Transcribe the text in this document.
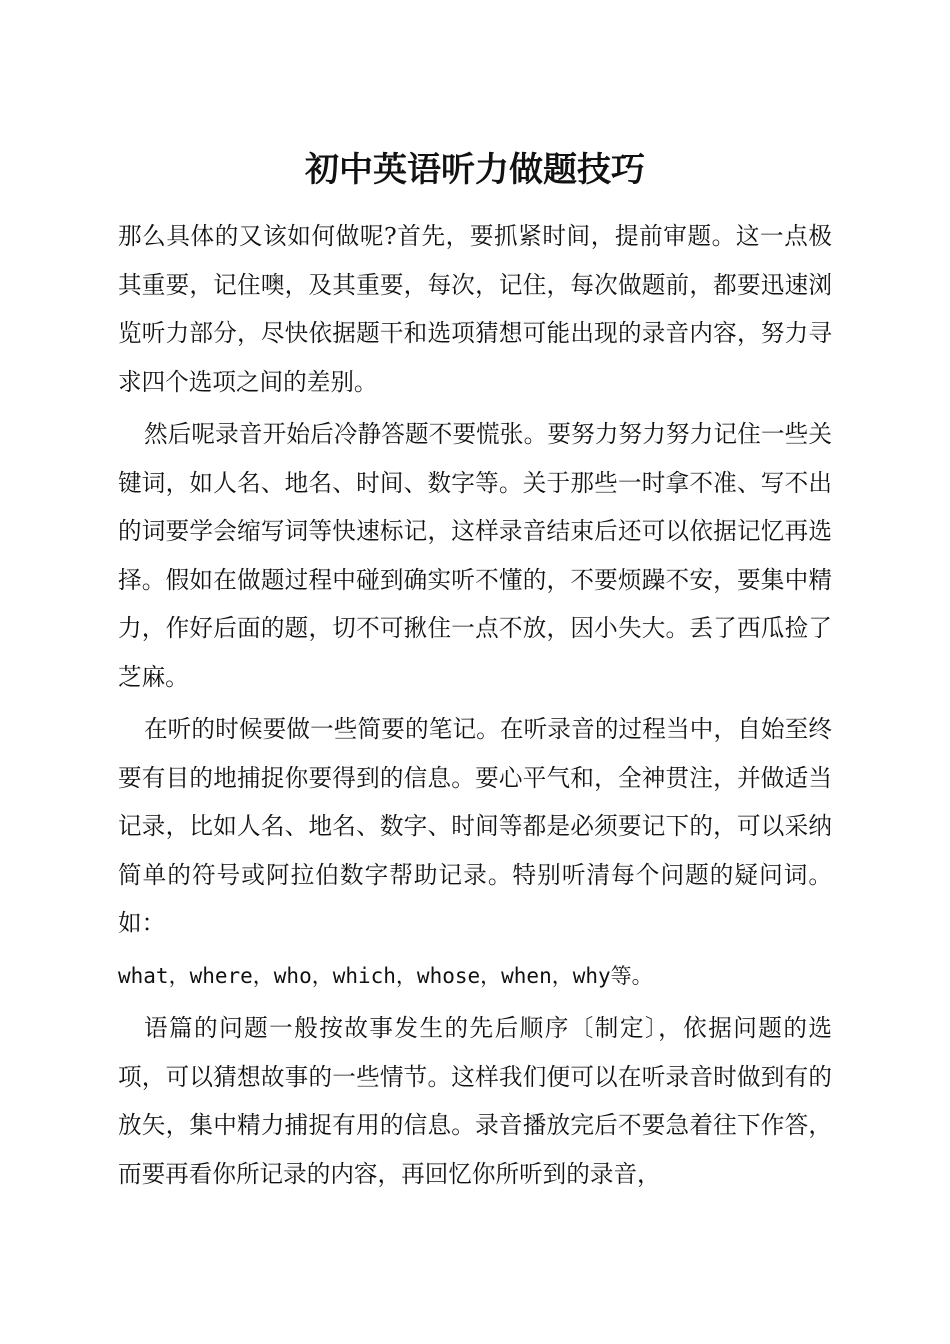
初中英语听力做题技巧

那么具体的又该如何做呢?首先，要抓紧时间，提前审题。这一点极其重要，记住噢，及其重要，每次，记住，每次做题前，都要迅速浏览听力部分，尽快依据题干和选项猜想可能出现的录音内容，努力寻求四个选项之间的差别。

然后呢录音开始后冷静答题不要慌张。要努力努力努力记住一些关键词，如人名、地名、时间、数字等。关于那些一时拿不准、写不出的词要学会缩写词等快速标记，这样录音结束后还可以依据记忆再选择。假如在做题过程中碰到确实听不懂的，不要烦躁不安，要集中精力，作好后面的题，切不可揪住一点不放，因小失大。丢了西瓜捡了芝麻。

在听的时候要做一些简要的笔记。在听录音的过程当中，自始至终要有目的地捕捉你要得到的信息。要心平气和，全神贯注，并做适当记录，比如人名、地名、数字、时间等都是必须要记下的，可以采纳简单的符号或阿拉伯数字帮助记录。特别听清每个问题的疑问词。如：

what，where，who，which，whose，when，why等。

语篇的问题一般按故事发生的先后顺序〔制定〕，依据问题的选项，可以猜想故事的一些情节。这样我们便可以在听录音时做到有的放矢，集中精力捕捉有用的信息。录音播放完后不要急着往下作答，而要再看你所记录的内容，再回忆你所听到的录音，
